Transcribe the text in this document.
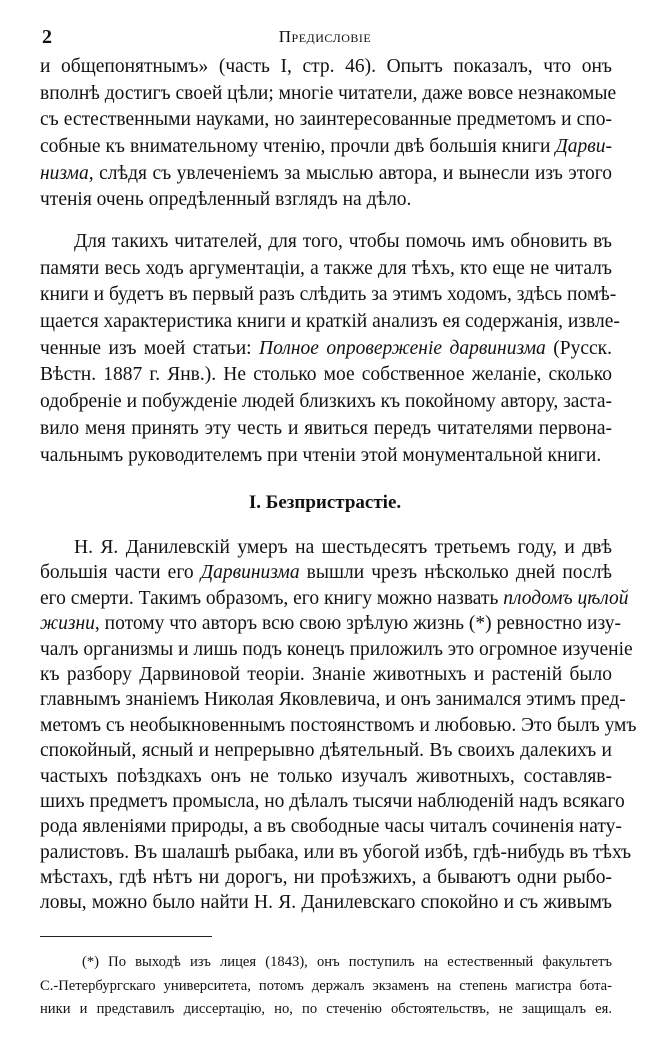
2	Предисловіе
и общепонятнымъ» (часть I, стр. 46). Опытъ показалъ, что онъ
вполнѣ достигъ своей цѣли; многіе читатели, даже вовсе незнакомые
съ естественными науками, но заинтересованные предметомъ и спо-
собные къ внимательному чтенію, прочли двѣ большія книги Дарви-
низма, слѣдя съ увлеченіемъ за мыслью автора, и вынесли изъ этого
чтенія очень опредѣленный взглядъ на дѣло.
Для такихъ читателей, для того, чтобы помочь имъ обновить въ
памяти весь ходъ аргументаціи, а также для тѣхъ, кто еще не читалъ
книги и будетъ въ первый разъ слѣдить за этимъ ходомъ, здѣсь помѣ-
щается характеристика книги и краткій анализъ ея содержанія, извле-
ченные изъ моей статьи: Полное опроверженіе дарвинизма (Русск.
Вѣстн. 1887 г. Янв.). Не столько мое собственное желаніе, сколько
одобреніе и побужденіе людей близкихъ къ покойному автору, заста-
вило меня принять эту честь и явиться передъ читателями первона-
чальнымъ руководителемъ при чтеніи этой монументальной книги.
I. Безпристрастіе.
Н. Я. Данилевскій умеръ на шестьдесятъ третьемъ году, и двѣ
большія части его Дарвинизма вышли чрезъ нѣсколько дней послѣ
его смерти. Такимъ образомъ, его книгу можно назвать плодомъ цѣлой
жизни, потому что авторъ всю свою зрѣлую жизнь (*) ревностно изу-
чалъ организмы и лишь подъ конецъ приложилъ это огромное изученіе
къ разбору Дарвиновой теоріи. Знаніе животныхъ и растеній было
главнымъ знаніемъ Николая Яковлевича, и онъ занимался этимъ пред-
метомъ съ необыкновеннымъ постоянствомъ и любовью. Это былъ умъ
спокойный, ясный и непрерывно дѣятельный. Въ своихъ далекихъ и
частыхъ поѣздкахъ онъ не только изучалъ животныхъ, составляв-
шихъ предметъ промысла, но дѣлалъ тысячи наблюденій надъ всякаго
рода явленіями природы, а въ свободные часы читалъ сочиненія нату-
ралистовъ. Въ шалашѣ рыбака, или въ убогой избѣ, гдѣ-нибудь въ тѣхъ
мѣстахъ, гдѣ нѣтъ ни дорогъ, ни проѣзжихъ, а бываютъ одни рыбо-
ловы, можно было найти Н. Я. Данилевскаго спокойно и съ живымъ
(*) По выходѣ изъ лицея (1843), онъ поступилъ на естественный факультетъ
С.-Петербургскаго университета, потомъ держалъ экзаменъ на степень магистра бота-
ники и представилъ диссертацію, но, по стеченію обстоятельствъ, не защищалъ ея.
